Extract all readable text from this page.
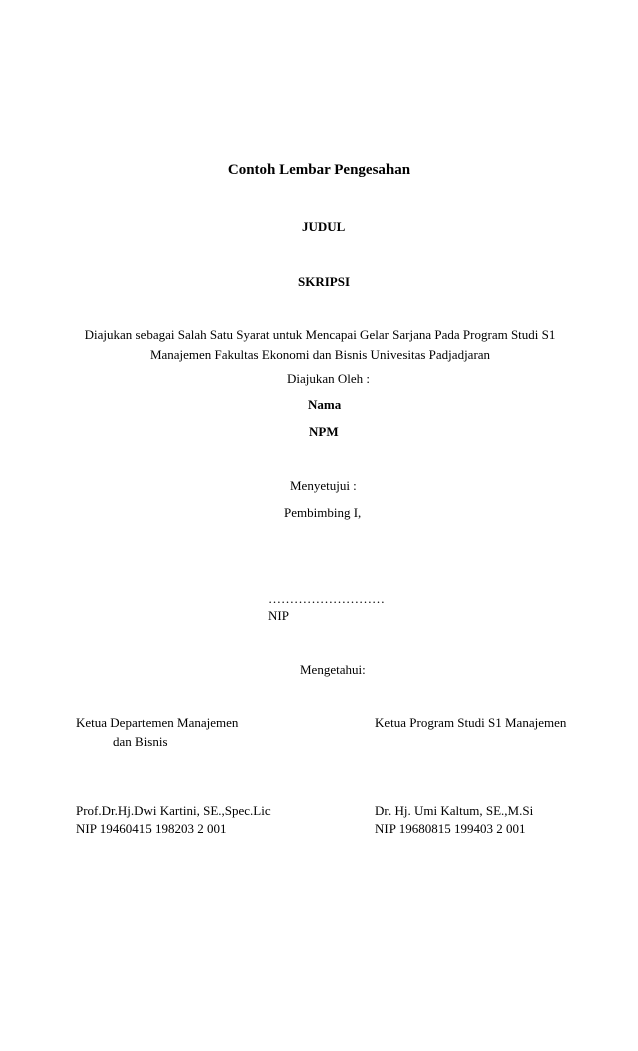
Contoh Lembar Pengesahan
JUDUL
SKRIPSI
Diajukan sebagai Salah Satu Syarat untuk Mencapai Gelar Sarjana Pada Program Studi S1
Manajemen Fakultas Ekonomi dan Bisnis Univesitas Padjadjaran
Diajukan Oleh :
Nama
NPM
Menyetujui :
Pembimbing I,
………………………
NIP
Mengetahui:
Ketua Departemen Manajemen
dan Bisnis
Prof.Dr.Hj.Dwi Kartini, SE.,Spec.Lic
NIP 19460415 198203 2 001
Ketua Program Studi S1 Manajemen
Dr. Hj. Umi Kaltum, SE.,M.Si
NIP 19680815 199403 2 001
